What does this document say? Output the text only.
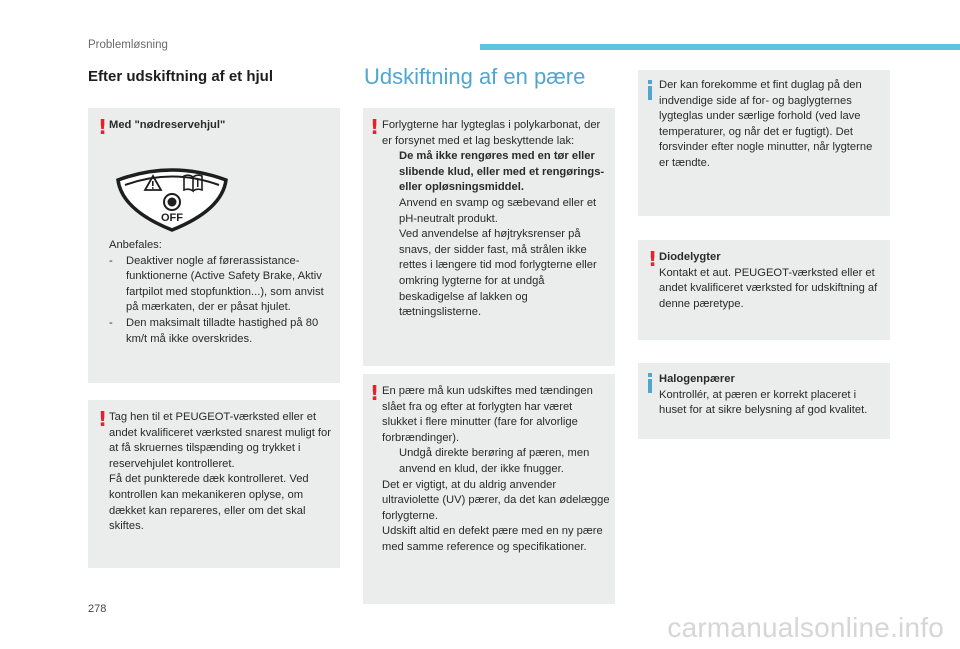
Problemløsning
Efter udskiftning af et hjul
! Med "nødreservehjul"
OFF

Anbefales:

- Deaktiver nogle af førerassistance-funktionerne (Active Safety Brake, Aktiv fartpilot med stopfunktion...), som anvist på mærkaten, der er påsat hjulet.
- Den maksimalt tilladte hastighed på 80 km/t må ikke overskrides.
! Tag hen til et PEUGEOT-værksted eller et andet kvalificeret værksted snarest muligt for at få skruernes tilspænding og trykket i reservehjulet kontrolleret.

Få det punkterede dæk kontrolleret. Ved kontrollen kan mekanikeren oplyse, om dækket kan repareres, eller om det skal skiftes.

Udskiftning af en pære
! Forlygterne har lygteglas i polykarbonat, der er forsynet med et lag beskyttende lak:

De må ikke rengøres med en tør eller slibende klud, eller med et rengørings- eller opløsningsmiddel.
Anvend en svamp og sæbevand eller et pH-neutralt produkt.
Ved anvendelse af højtryksrenser på snavs, der sidder fast, må strålen ikke rettes i længere tid mod forlygterne eller omkring lygterne for at undgå beskadigelse af lakken og tætningslisterne.
! En pære må kun udskiftes med tændingen slået fra og efter at forlygten har været slukket i flere minutter (fare for alvorlige forbrændinger).

Undgå direkte berøring af pæren, men anvend en klud, der ikke fnugger.

Det er vigtigt, at du aldrig anvender ultraviolette (UV) pærer, da det kan ødelægge forlygterne.

Udskift altid en defekt pære med en ny pære med samme reference og specifikationer.

Der kan forekomme et fint duglag på den indvendige side af for- og baglygternes lygteglas under særlige forhold (ved lave temperaturer, og når det er fugtigt). Det forsvinder efter nogle minutter, når lygterne er tændte.

! Diodelygter

Kontakt et aut. PEUGEOT-værksted eller et andet kvalificeret værksted for udskiftning af denne pæretype.

Halogenpærer

Kontrollér, at pæren er korrekt placeret i huset for at sikre belysning af god kvalitet.

278
carmanualsonline.info
